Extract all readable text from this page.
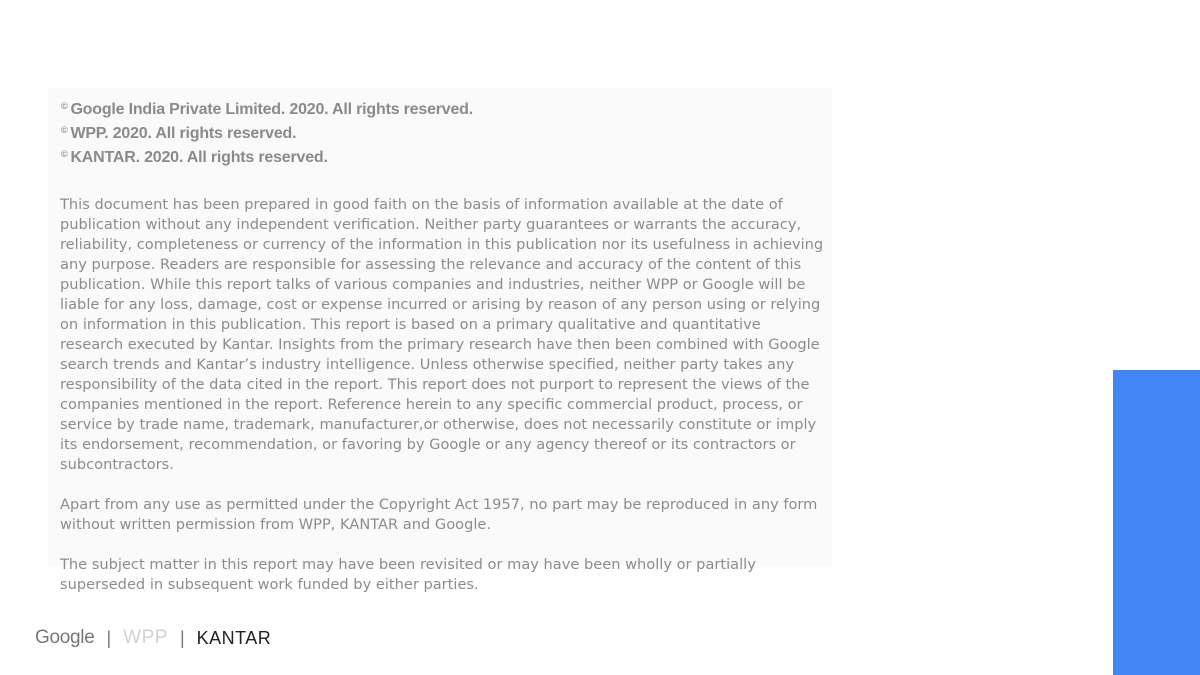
© Google India Private Limited. 2020. All rights reserved.
© WPP. 2020. All rights reserved.
© KANTAR. 2020. All rights reserved.

This document has been prepared in good faith on the basis of information available at the date of publication without any independent verification. Neither party guarantees or warrants the accuracy, reliability, completeness or currency of the information in this publication nor its usefulness in achieving any purpose. Readers are responsible for assessing the relevance and accuracy of the content of this publication. While this report talks of various companies and industries, neither WPP or Google will be liable for any loss, damage, cost or expense incurred or arising by reason of any person using or relying on information in this publication. This report is based on a primary qualitative and quantitative research executed by Kantar. Insights from the primary research have then been combined with Google search trends and Kantar’s industry intelligence. Unless otherwise specified, neither party takes any responsibility of the data cited in the report. This report does not purport to represent the views of the companies mentioned in the report. Reference herein to any specific commercial product, process, or service by trade name, trademark, manufacturer,or otherwise, does not necessarily constitute or imply its endorsement, recommendation, or favoring by Google or any agency thereof or its contractors or subcontractors.

Apart from any use as permitted under the Copyright Act 1957, no part may be reproduced in any form without written permission from WPP, KANTAR and Google.

The subject matter in this report may have been revisited or may have been wholly or partially superseded in subsequent work funded by either parties.

Google | WPP | KANTAR
